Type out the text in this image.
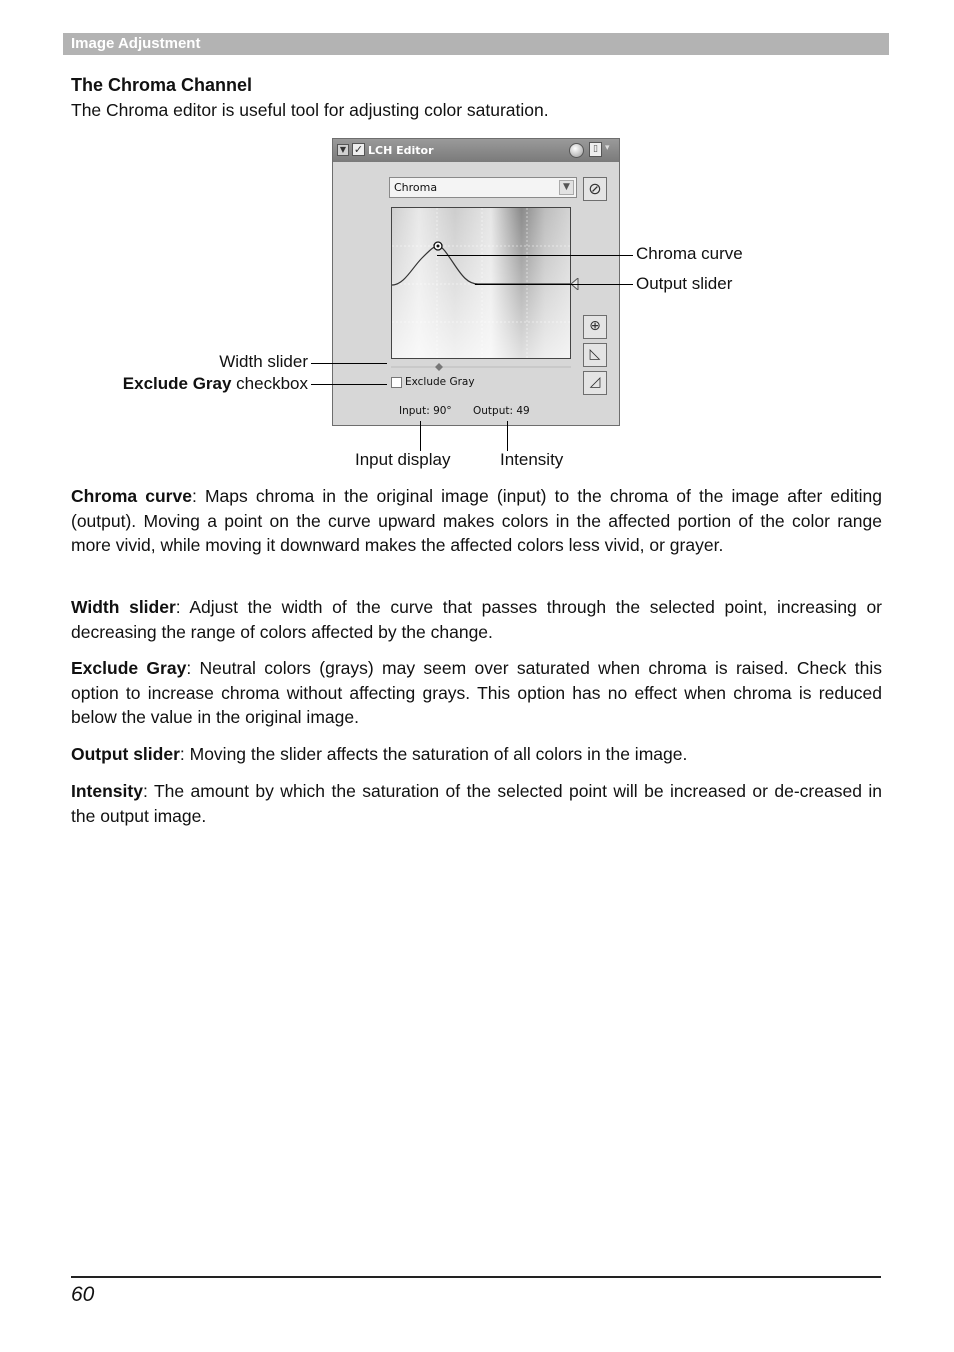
Image Adjustment
The Chroma Channel
The Chroma editor is useful tool for adjusting color saturation.
▼ ✓ LCH Editor	▯ ▾
Chroma	▼	⊘
⊕
◺
◿
Exclude Gray
Input: 90° Output: 49
Chroma curve
Output slider
Width slider
Exclude Gray checkbox
Input display	Intensity

Chroma curve: Maps chroma in the original image (input) to the chroma of the image after editing (output). Moving a point on the curve upward makes colors in the affected portion of the color range more vivid, while moving it downward makes the affected colors less vivid, or grayer.

Width slider: Adjust the width of the curve that passes through the selected point, increasing or decreasing the range of colors affected by the change.

Exclude Gray: Neutral colors (grays) may seem over saturated when chroma is raised. Check this option to increase chroma without affecting grays. This option has no effect when chroma is reduced below the value in the original image.

Output slider: Moving the slider affects the saturation of all colors in the image.

Intensity: The amount by which the saturation of the selected point will be increased or de-creased in the output image.

60
